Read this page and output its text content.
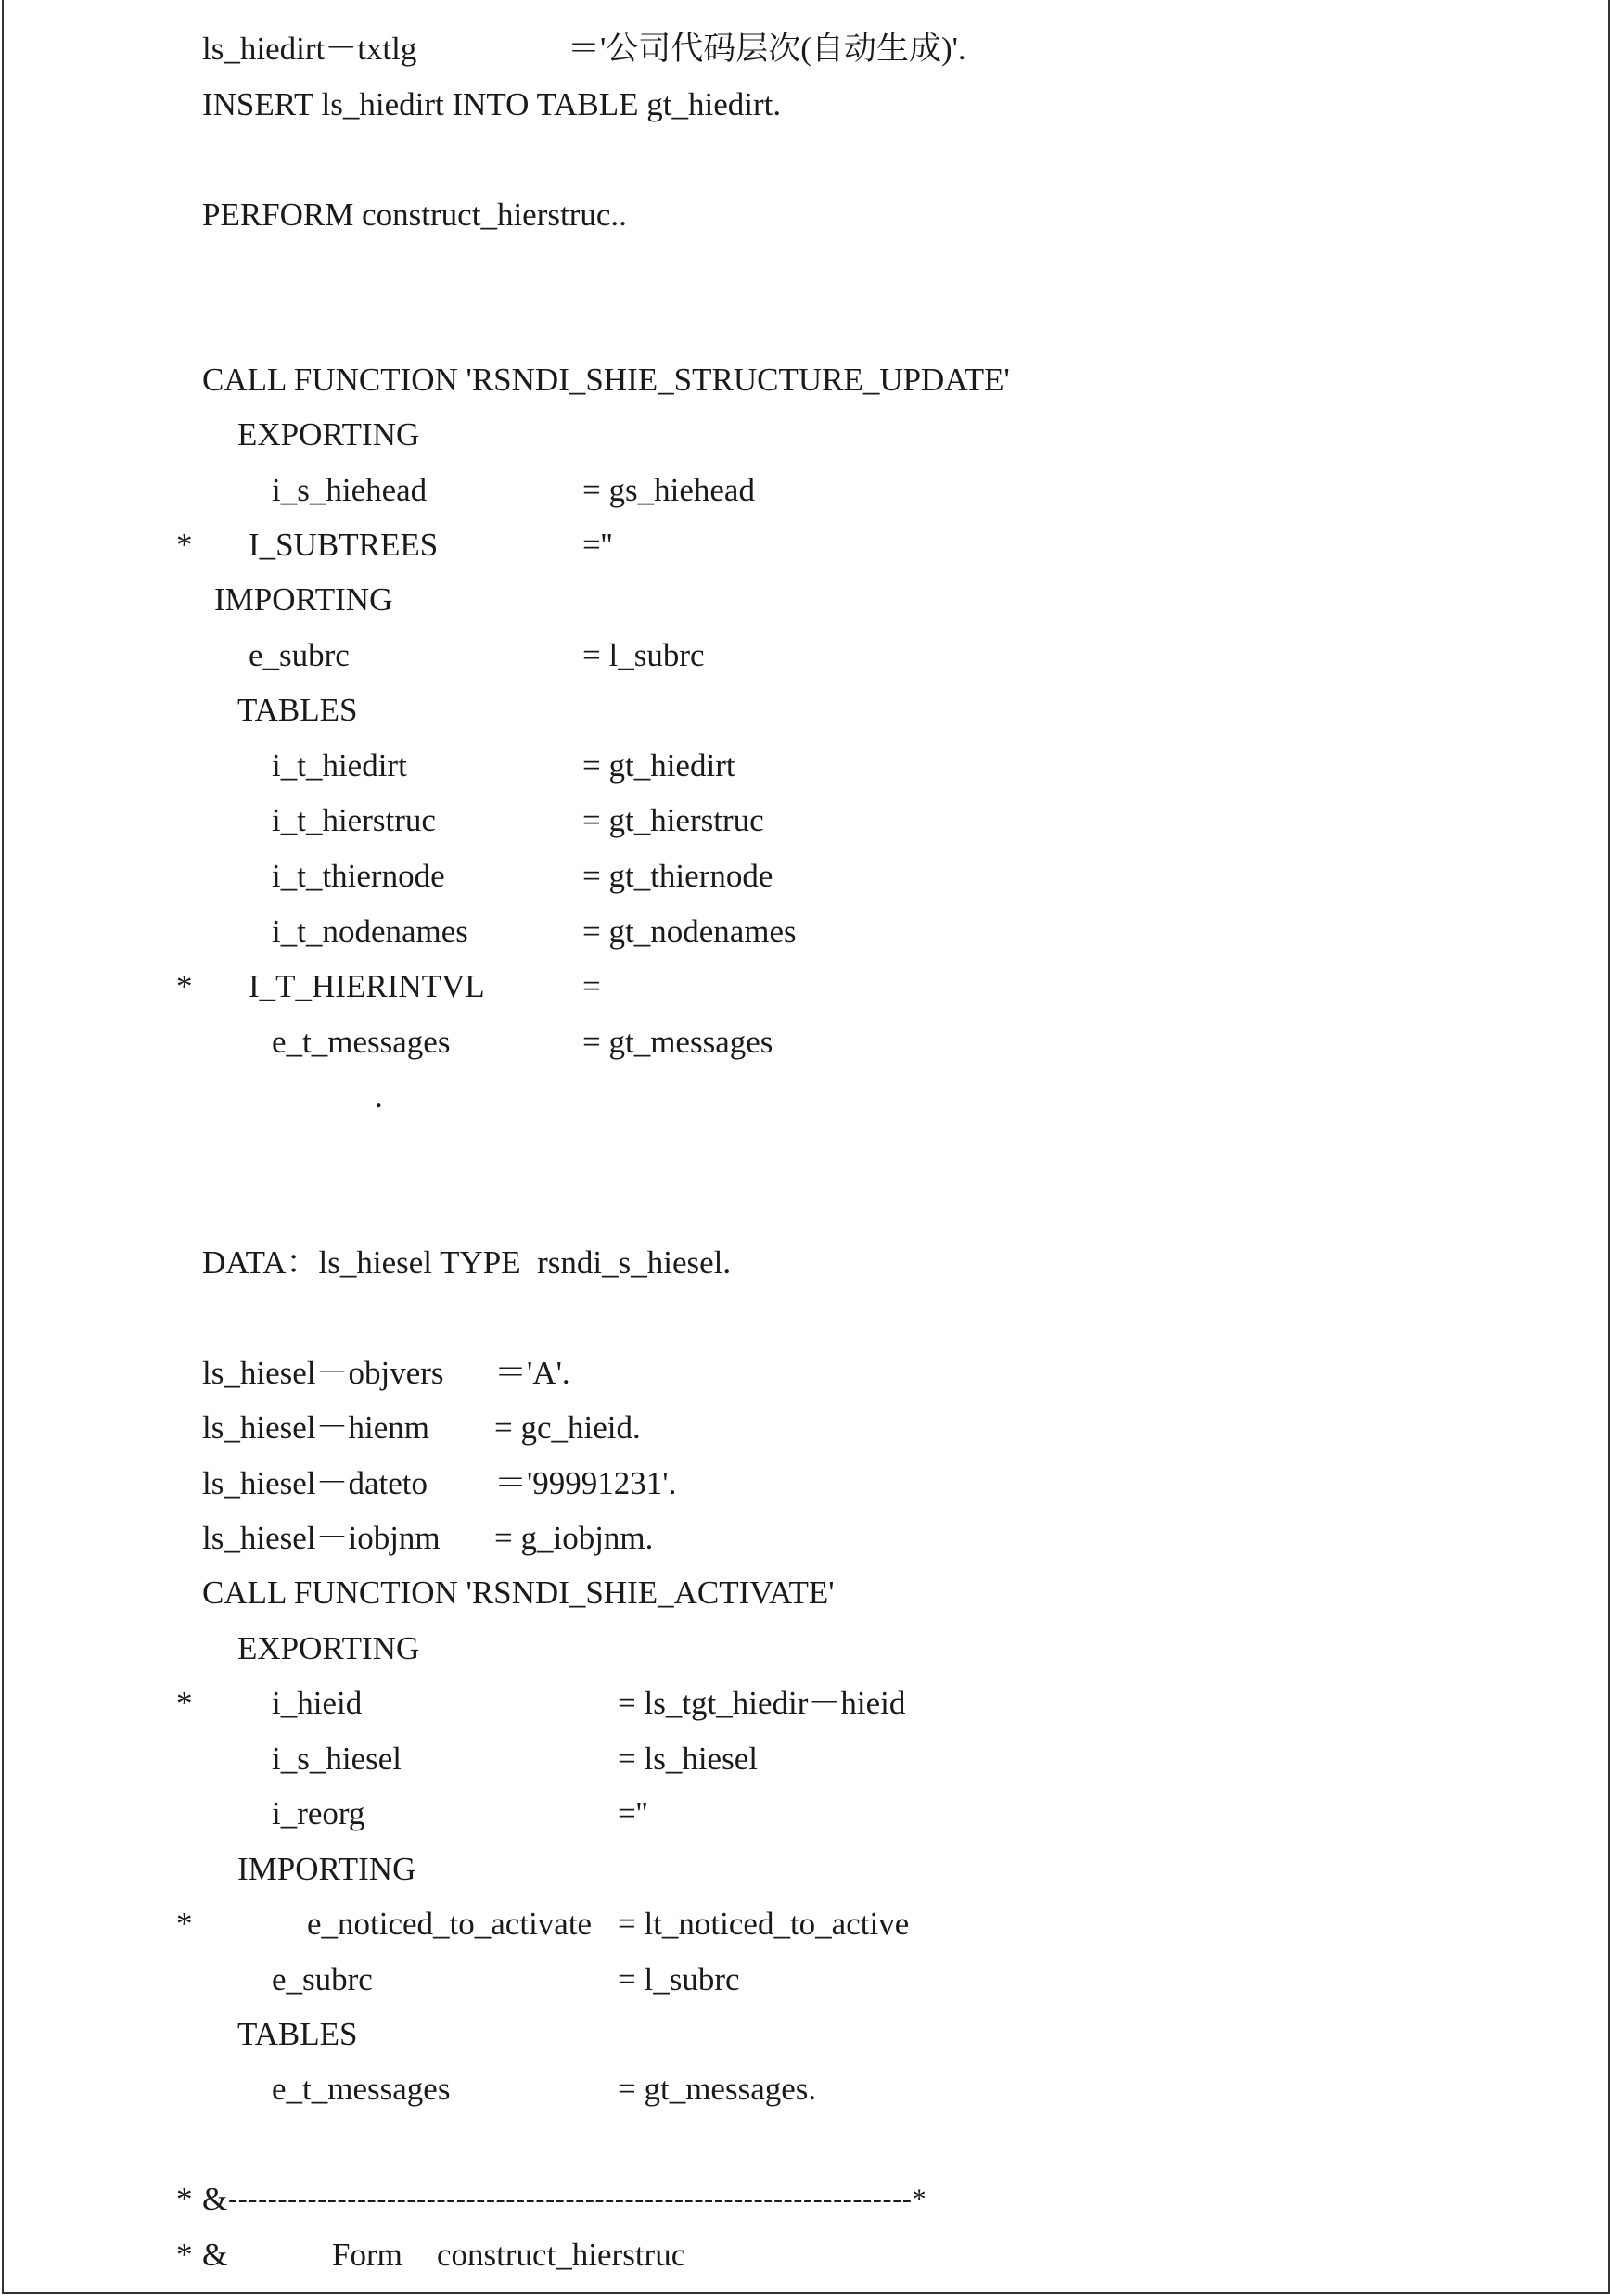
ls_hiedirt－txtlg	＝'公司代码层次(自动生成)'.
INSERT ls_hiedirt INTO TABLE gt_hiedirt.
PERFORM construct_hierstruc..
CALL FUNCTION 'RSNDI_SHIE_STRUCTURE_UPDATE'
EXPORTING
i_s_hiehead	= gs_hiehead
* I_SUBTREES	=''
IMPORTING
e_subrc	= l_subrc
TABLES
i_t_hiedirt	= gt_hiedirt
i_t_hierstruc	= gt_hierstruc
i_t_thiernode	= gt_thiernode
i_t_nodenames	= gt_nodenames
* I_T_HIERINTVL	=
e_t_messages	= gt_messages
.
DATA：ls_hiesel TYPE  rsndi_s_hiesel.
ls_hiesel－objvers ＝'A'.
ls_hiesel－hienm = gc_hieid.
ls_hiesel－dateto ＝'99991231'.
ls_hiesel－iobjnm = g_iobjnm.
CALL FUNCTION 'RSNDI_SHIE_ACTIVATE'
EXPORTING
* i_hieid	= ls_tgt_hiedir－hieid
i_s_hiesel	= ls_hiesel
i_reorg	=''
IMPORTING
*	e_noticed_to_activate = lt_noticed_to_active
e_subrc	= l_subrc
TABLES
e_t_messages	= gt_messages.
* & ---------------------------------------------------------------------*
* &	Form construct_hierstruc
